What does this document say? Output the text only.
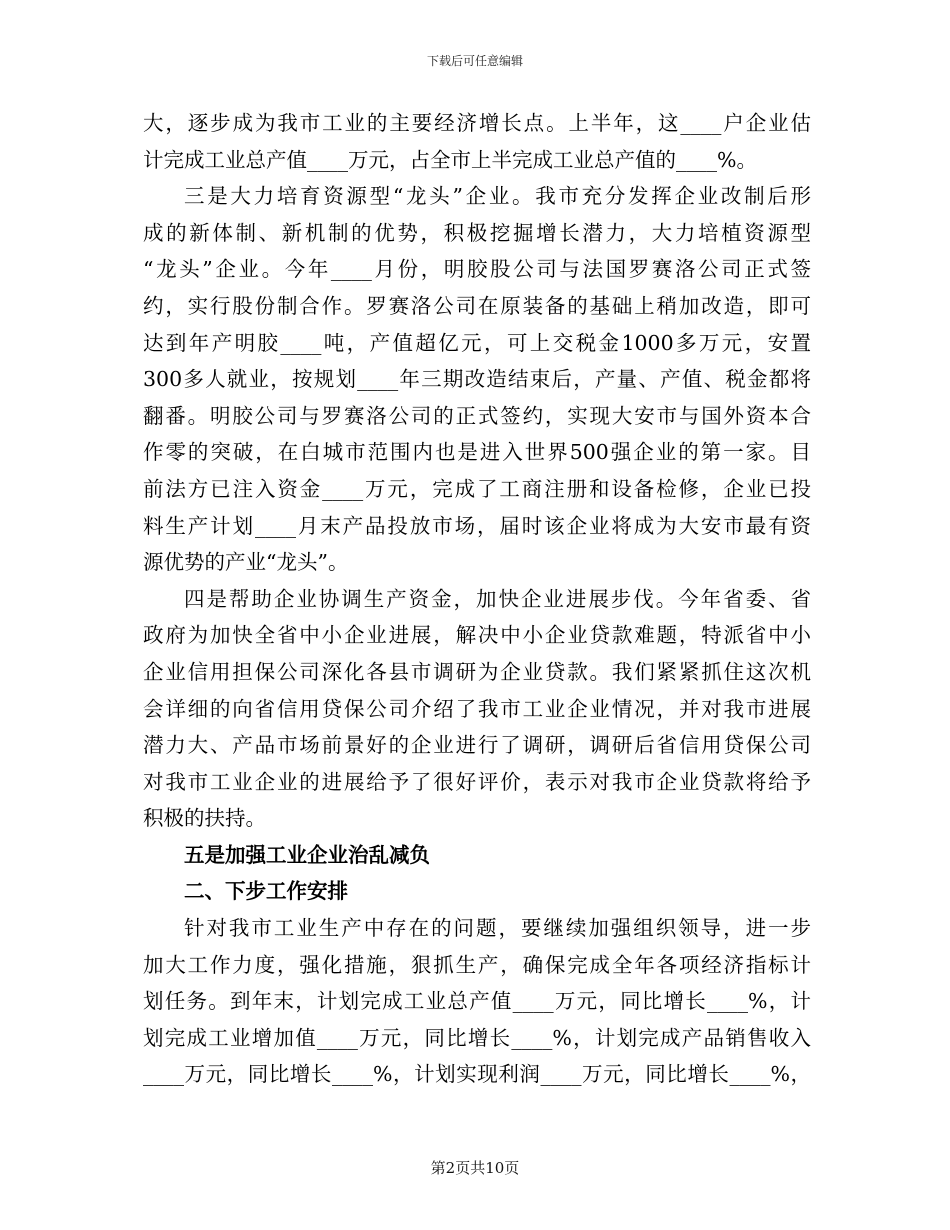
下载后可任意编辑
大，逐步成为我市工业的主要经济增长点。上半年，这____户企业估
计完成工业总产值____万元，占全市上半完成工业总产值的____%。
三是大力培育资源型“龙头”企业。我市充分发挥企业改制后形
成的新体制、新机制的优势，积极挖掘增长潜力，大力培植资源型
“龙头”企业。今年____月份，明胶股公司与法国罗赛洛公司正式签
约，实行股份制合作。罗赛洛公司在原装备的基础上稍加改造，即可
达到年产明胶____吨，产值超亿元，可上交税金1000多万元，安置
300多人就业，按规划____年三期改造结束后，产量、产值、税金都将
翻番。明胶公司与罗赛洛公司的正式签约，实现大安市与国外资本合
作零的突破，在白城市范围内也是进入世界500强企业的第一家。目
前法方已注入资金____万元，完成了工商注册和设备检修，企业已投
料生产计划____月末产品投放市场，届时该企业将成为大安市最有资
源优势的产业“龙头”。
四是帮助企业协调生产资金，加快企业进展步伐。今年省委、省
政府为加快全省中小企业进展，解决中小企业贷款难题，特派省中小
企业信用担保公司深化各县市调研为企业贷款。我们紧紧抓住这次机
会详细的向省信用贷保公司介绍了我市工业企业情况，并对我市进展
潜力大、产品市场前景好的企业进行了调研，调研后省信用贷保公司
对我市工业企业的进展给予了很好评价，表示对我市企业贷款将给予
积极的扶持。
五是加强工业企业治乱减负
二、下步工作安排
针对我市工业生产中存在的问题，要继续加强组织领导，进一步
加大工作力度，强化措施，狠抓生产，确保完成全年各项经济指标计
划任务。到年末，计划完成工业总产值____万元，同比增长____%，计
划完成工业增加值____万元，同比增长____%，计划完成产品销售收入
____万元，同比增长____%，计划实现利润____万元，同比增长____%，
第2页共10页
